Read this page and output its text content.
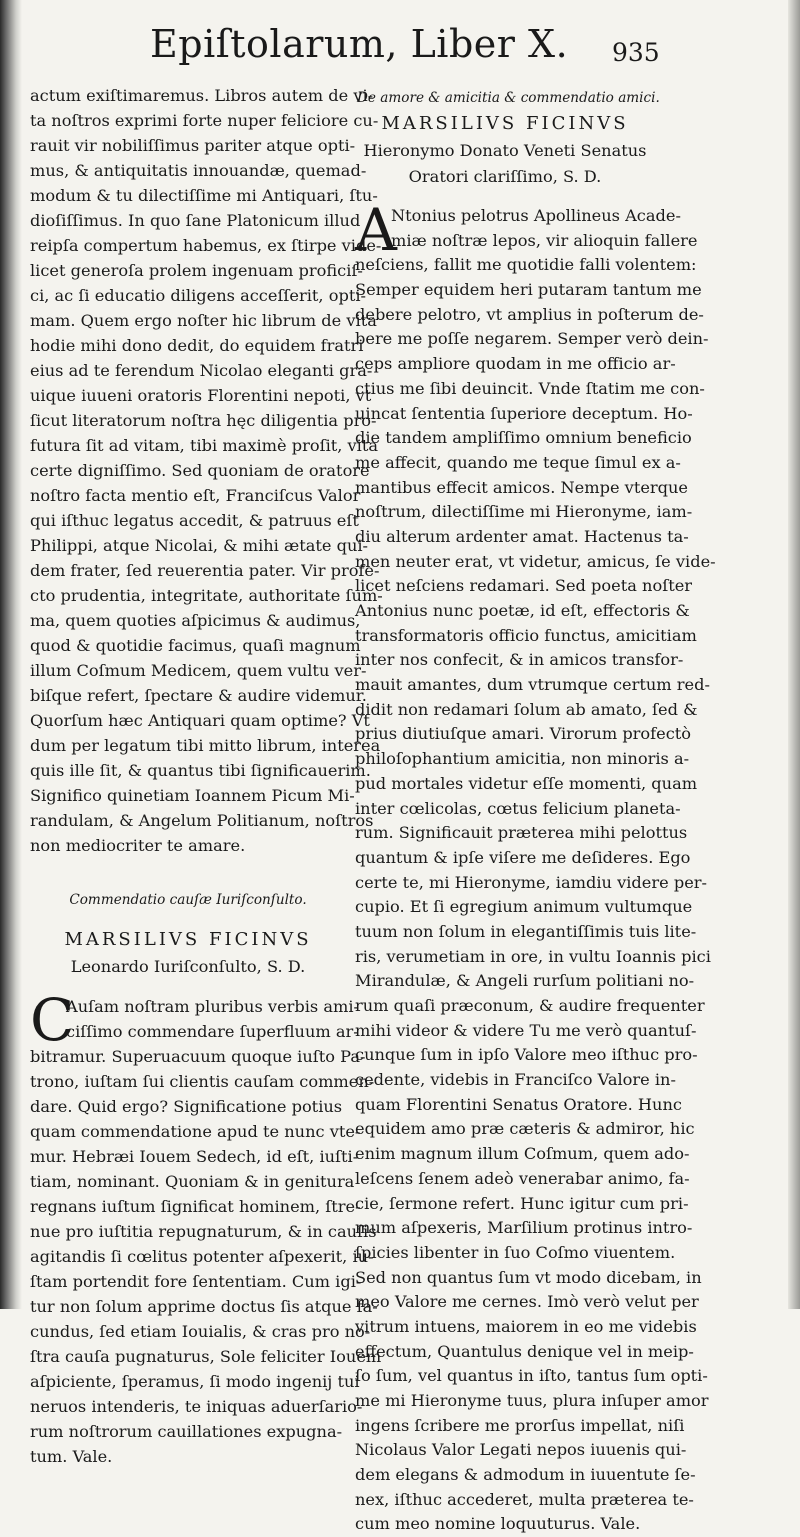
Epiſtolarum, Liber X.	935
actum exiſtimaremus. Libros autem de vi-
ta noſtros exprimi forte nuper feliciore cu-
rauit vir nobiliſſimus pariter atque opti-
mus, & antiquitatis innouandæ, quemad-
modum & tu dilectiſſime mi Antiquari, ſtu-
dioſiſſimus. In quo ſane Platonicum illud
reipſa compertum habemus, ex ſtirpe vide-
licet generoſa prolem ingenuam proficiſ-
ci, ac ſi educatio diligens acceſſerit, opti-
mam. Quem ergo noſter hic librum de vita
hodie mihi dono dedit, do equidem fratri
eius ad te ferendum Nicolao eleganti gra-
uique iuueni oratoris Florentini nepoti, vt
ſicut literatorum noſtra hęc diligentia pro-
futura ſit ad vitam, tibi maximè proſit, vita
certe digniſſimo. Sed quoniam de oratore
noſtro facta mentio eſt, Franciſcus Valor
qui iſthuc legatus accedit, & patruus eſt
Philippi, atque Nicolai, & mihi ætate qui-
dem frater, ſed reuerentia pater. Vir profe-
cto prudentia, integritate, authoritate ſum-
ma, quem quoties aſpicimus & audimus,
quod & quotidie facimus, quaſi magnum
illum Coſmum Medicem, quem vultu ver-
biſque refert, ſpectare & audire videmur.
Quorſum hæc Antiquari quam optime? Vt
dum per legatum tibi mitto librum, interea
quis ille ſit, & quantus tibi ſignificauerim.
Significo quinetiam Ioannem Picum Mi-
randulam, & Angelum Politianum, noſtros
non mediocriter te amare.
Commendatio cauſæ Iuriſconſulto.
MARSILIVS FICINVS
Leonardo Iuriſconſulto, S. D.
C
Auſam noſtram pluribus verbis ami-
ciſſimo commendare ſuperfluum ar-
bitramur. Superuacuum quoque iuſto Pa-
trono, iuſtam ſui clientis cauſam commen-
dare. Quid ergo? Significatione potius
quam commendatione apud te nunc vte-
mur. Hebræi Iouem Sedech, id eſt, iuſti-
tiam, nominant. Quoniam & in genitura
regnans iuſtum ſignificat hominem, ſtre-
nue pro iuſtitia repugnaturum, & in cauſis
agitandis ſi cœlitus potenter aſpexerit, iu-
ſtam portendit fore ſententiam. Cum igi-
tur non ſolum apprime doctus ſis atque fa-
cundus, ſed etiam Iouialis, & cras pro no-
ſtra cauſa pugnaturus, Sole feliciter Iouem
aſpiciente, ſperamus, ſi modo ingenij tui
neruos intenderis, te iniquas aduerſario-
rum noſtrorum cauillationes expugna-
tum. Vale.
De amore & amicitia & commendatio amici.
MARSILIVS FICINVS
Hieronymo Donato Veneti Senatus
Oratori clariſſimo, S. D.
A
Ntonius pelotrus Apollineus Acade-
miæ noſtræ lepos, vir alioquin fallere
neſciens, fallit me quotidie falli volentem:
Semper equidem heri putaram tantum me
debere pelotro, vt amplius in poſterum de-
bere me poſſe negarem. Semper verò dein-
ceps ampliore quodam in me officio ar-
ctius me ſibi deuincit. Vnde ſtatim me con-
uincat ſententia ſuperiore deceptum. Ho-
die tandem ampliſſimo omnium beneficio
me affecit, quando me teque ſimul ex a-
mantibus effecit amicos. Nempe vterque
noſtrum, dilectiſſime mi Hieronyme, iam-
diu alterum ardenter amat. Hactenus ta-
men neuter erat, vt videtur, amicus, ſe vide-
licet neſciens redamari. Sed poeta noſter
Antonius nunc poetæ, id eſt, effectoris &
transformatoris officio functus, amicitiam
inter nos confecit, & in amicos transfor-
mauit amantes, dum vtrumque certum red-
didit non redamari ſolum ab amato, ſed &
prius diutiuſque amari. Virorum profectò
philoſophantium amicitia, non minoris a-
pud mortales videtur eſſe momenti, quam
inter cœlicolas, cœtus felicium planeta-
rum. Significauit præterea mihi pelottus
quantum & ipſe viſere me deſideres. Ego
certe te, mi Hieronyme, iamdiu videre per-
cupio. Et ſi egregium animum vultumque
tuum non ſolum in elegantiſſimis tuis lite-
ris, verumetiam in ore, in vultu Ioannis pici
Mirandulæ, & Angeli rurſum politiani no-
rum quaſi præconum, & audire frequenter
mihi videor & videre Tu me verò quantuſ-
cunque ſum in ipſo Valore meo iſthuc pro-
cedente, videbis in Franciſco Valore in-
quam Florentini Senatus Oratore. Hunc
equidem amo præ cæteris & admiror, hic
enim magnum illum Coſmum, quem ado-
leſcens ſenem adeò venerabar animo, fa-
cie, ſermone refert. Hunc igitur cum pri-
mum aſpexeris, Marſilium protinus intro-
ſpicies libenter in ſuo Coſmo viuentem.
Sed non quantus ſum vt modo dicebam, in
meo Valore me cernes. Imò verò velut per
vitrum intuens, maiorem in eo me videbis
effectum, Quantulus denique vel in meip-
ſo ſum, vel quantus in iſto, tantus ſum opti-
me mi Hieronyme tuus, plura inſuper amor
ingens ſcribere me prorſus impellat, niſi
Nicolaus Valor Legati nepos iuuenis qui-
dem elegans & admodum in iuuentute ſe-
nex, iſthuc accederet, multa præterea te-
cum meo nomine loquuturus. Vale.
